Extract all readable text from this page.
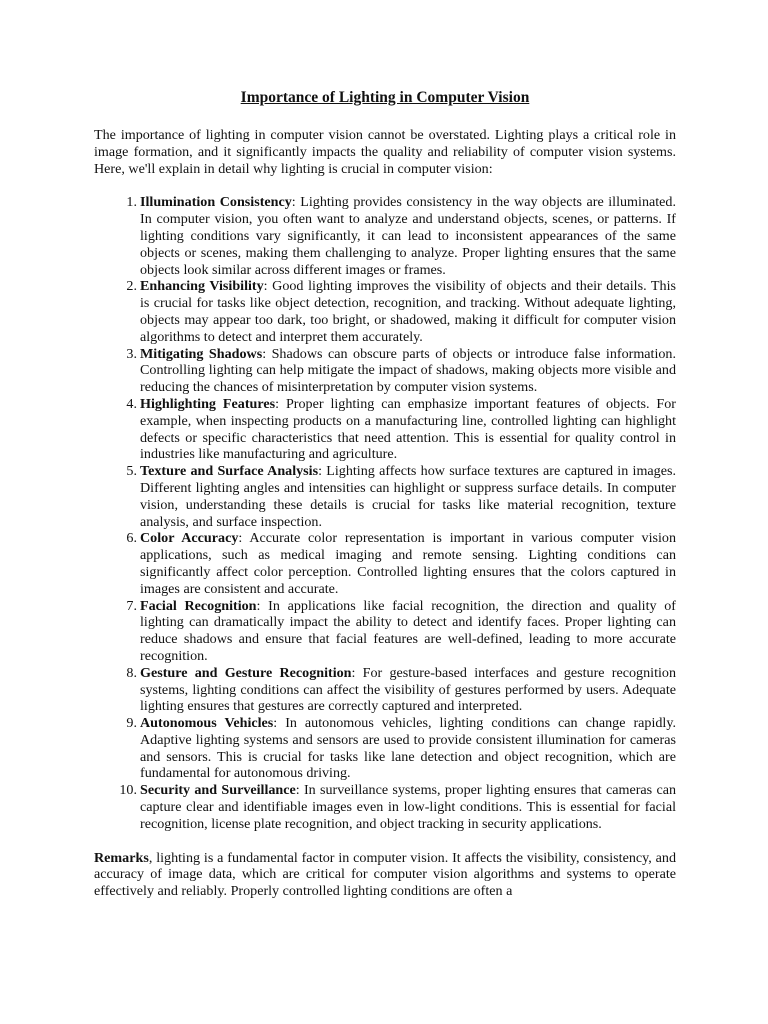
Importance of Lighting in Computer Vision

The importance of lighting in computer vision cannot be overstated. Lighting plays a critical role in image formation, and it significantly impacts the quality and reliability of computer vision systems. Here, we'll explain in detail why lighting is crucial in computer vision:

1. Illumination Consistency: Lighting provides consistency in the way objects are illuminated. In computer vision, you often want to analyze and understand objects, scenes, or patterns. If lighting conditions vary significantly, it can lead to inconsistent appearances of the same objects or scenes, making them challenging to analyze. Proper lighting ensures that the same objects look similar across different images or frames.
2. Enhancing Visibility: Good lighting improves the visibility of objects and their details. This is crucial for tasks like object detection, recognition, and tracking. Without adequate lighting, objects may appear too dark, too bright, or shadowed, making it difficult for computer vision algorithms to detect and interpret them accurately.
3. Mitigating Shadows: Shadows can obscure parts of objects or introduce false information. Controlling lighting can help mitigate the impact of shadows, making objects more visible and reducing the chances of misinterpretation by computer vision systems.
4. Highlighting Features: Proper lighting can emphasize important features of objects. For example, when inspecting products on a manufacturing line, controlled lighting can highlight defects or specific characteristics that need attention. This is essential for quality control in industries like manufacturing and agriculture.
5. Texture and Surface Analysis: Lighting affects how surface textures are captured in images. Different lighting angles and intensities can highlight or suppress surface details. In computer vision, understanding these details is crucial for tasks like material recognition, texture analysis, and surface inspection.
6. Color Accuracy: Accurate color representation is important in various computer vision applications, such as medical imaging and remote sensing. Lighting conditions can significantly affect color perception. Controlled lighting ensures that the colors captured in images are consistent and accurate.
7. Facial Recognition: In applications like facial recognition, the direction and quality of lighting can dramatically impact the ability to detect and identify faces. Proper lighting can reduce shadows and ensure that facial features are well-defined, leading to more accurate recognition.
8. Gesture and Gesture Recognition: For gesture-based interfaces and gesture recognition systems, lighting conditions can affect the visibility of gestures performed by users. Adequate lighting ensures that gestures are correctly captured and interpreted.
9. Autonomous Vehicles: In autonomous vehicles, lighting conditions can change rapidly. Adaptive lighting systems and sensors are used to provide consistent illumination for cameras and sensors. This is crucial for tasks like lane detection and object recognition, which are fundamental for autonomous driving.
10. Security and Surveillance: In surveillance systems, proper lighting ensures that cameras can capture clear and identifiable images even in low-light conditions. This is essential for facial recognition, license plate recognition, and object tracking in security applications.

Remarks, lighting is a fundamental factor in computer vision. It affects the visibility, consistency, and accuracy of image data, which are critical for computer vision algorithms and systems to operate effectively and reliably. Properly controlled lighting conditions are often a
